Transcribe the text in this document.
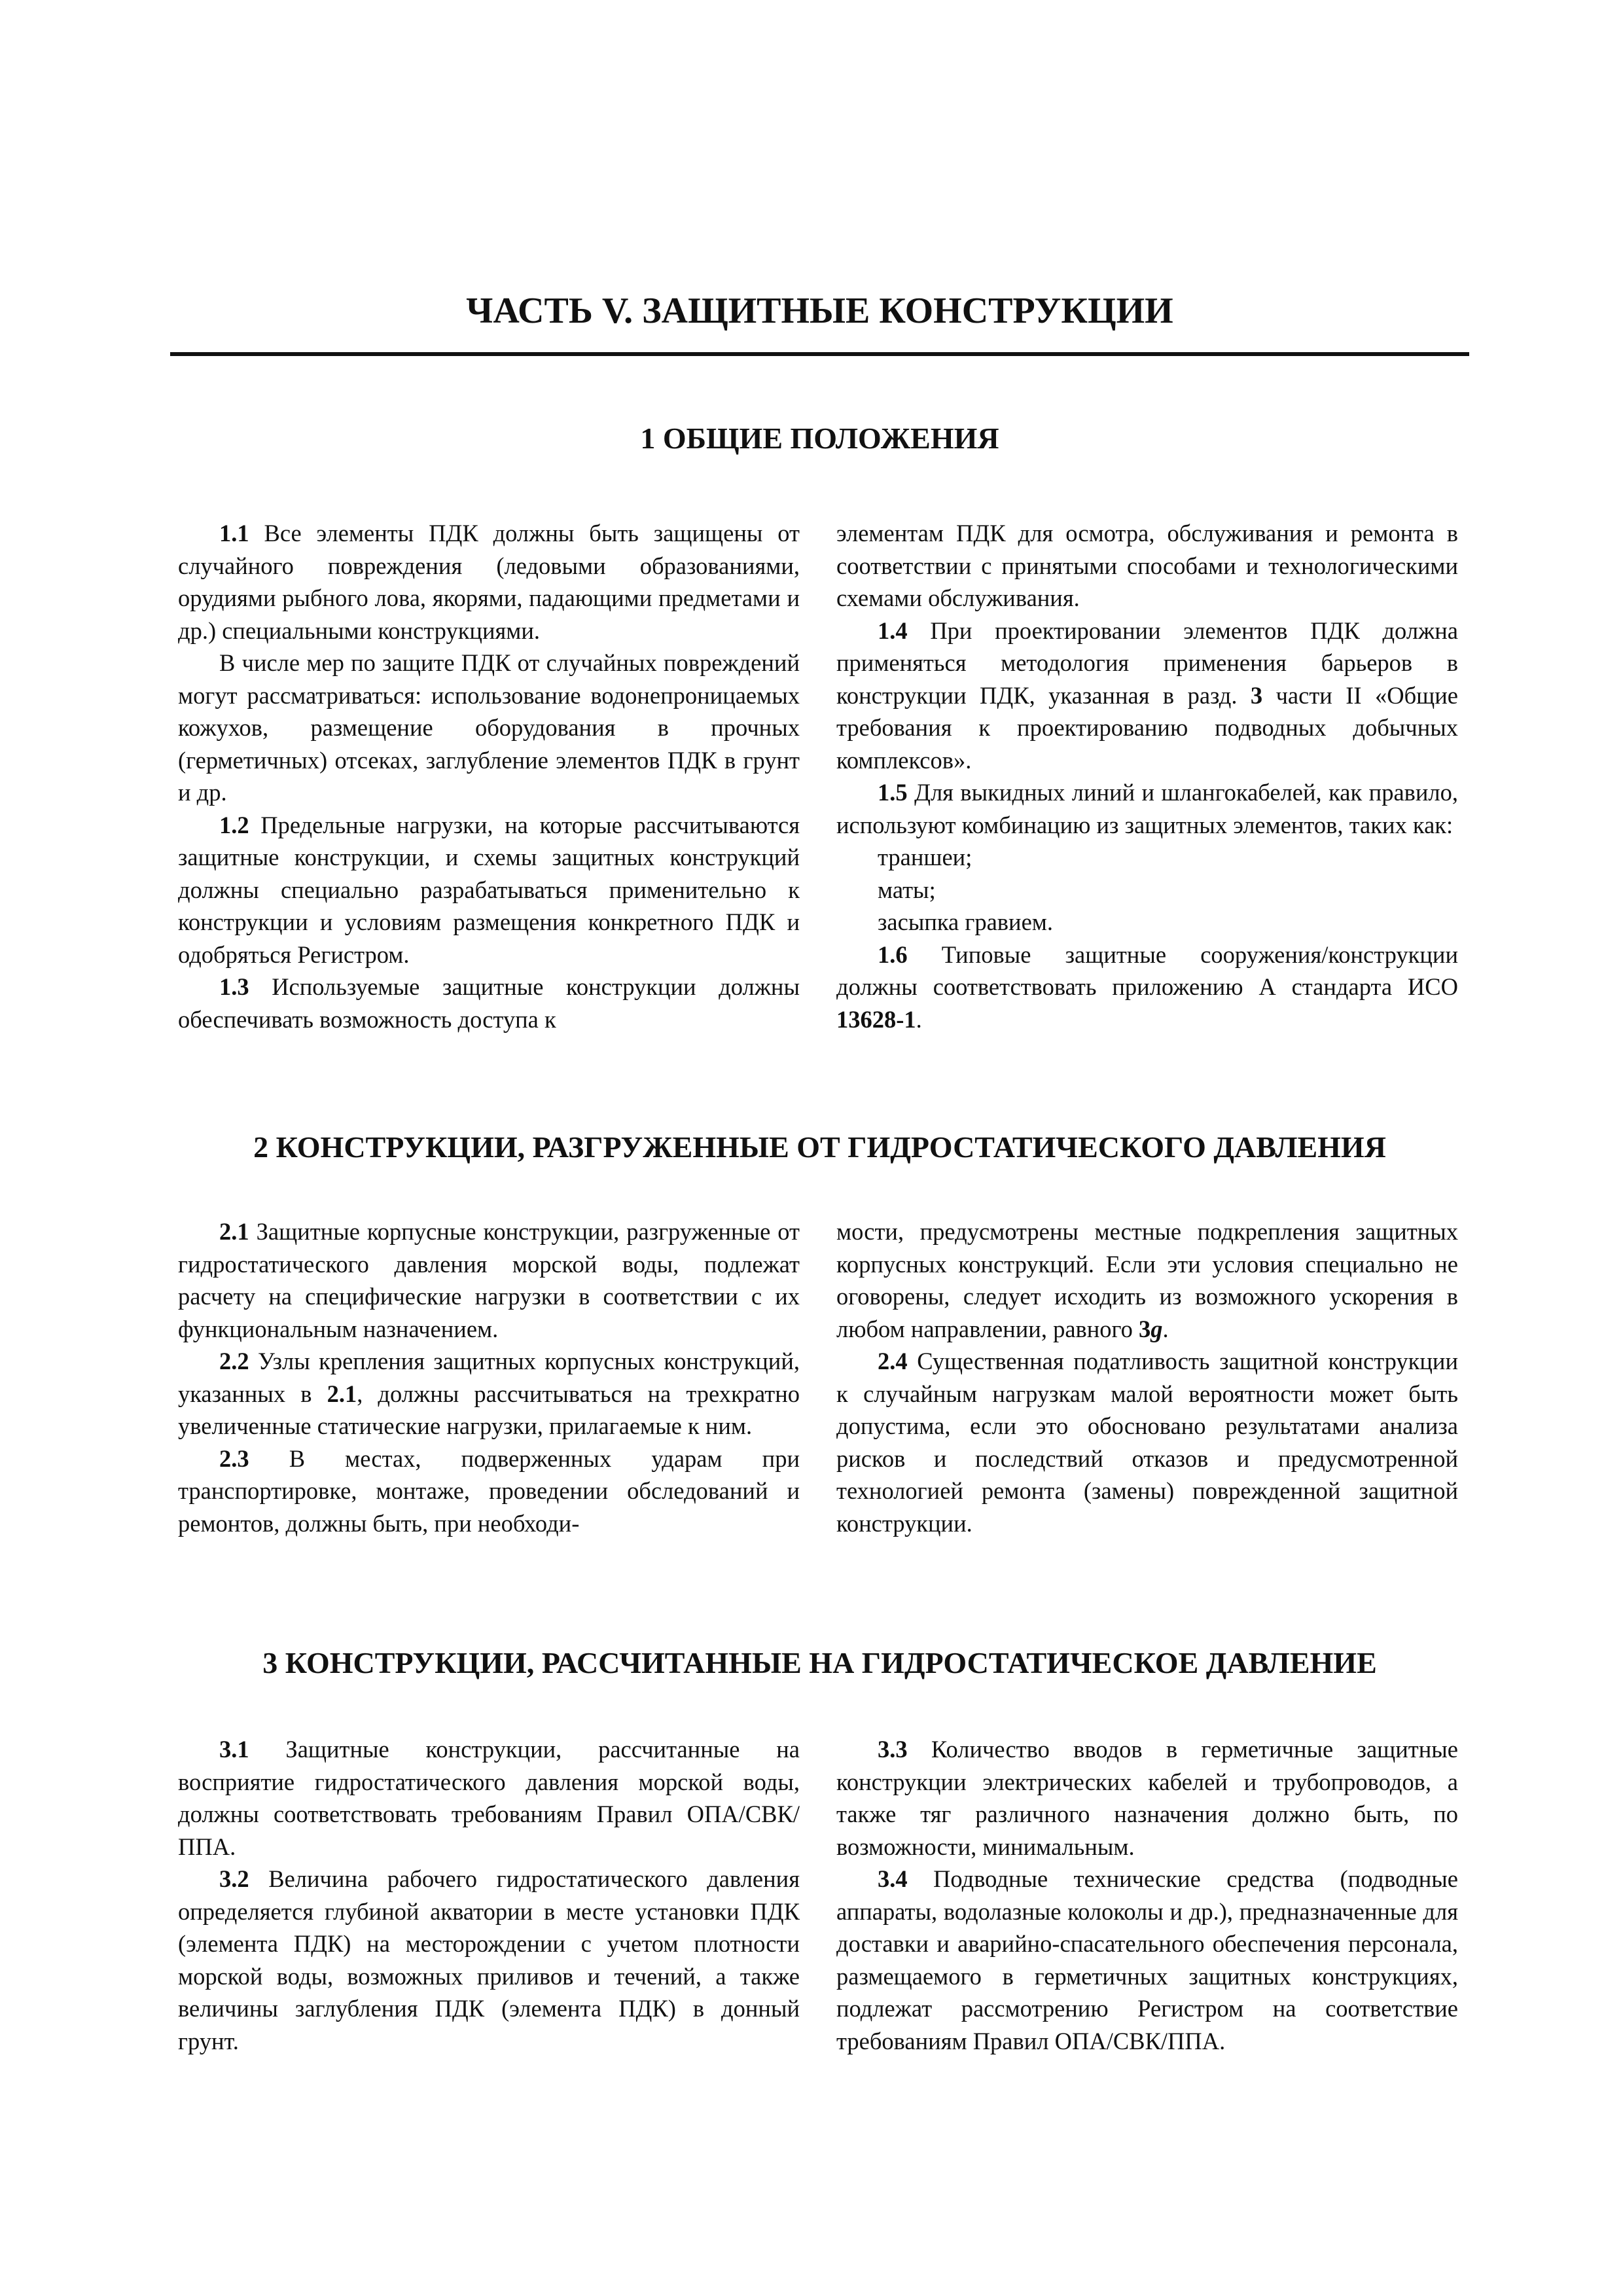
ЧАСТЬ V. ЗАЩИТНЫЕ КОНСТРУКЦИИ
1 ОБЩИЕ ПОЛОЖЕНИЯ

1.1 Все элементы ПДК должны быть защищены от случайного повреждения (ледовыми образованиями, орудиями рыбного лова, якорями, падающими предметами и др.) специальными конструкциями.

В числе мер по защите ПДК от случайных повреждений могут рассматриваться: использование водонепроницаемых кожухов, размещение оборудования в прочных (герметичных) отсеках, заглубление элементов ПДК в грунт и др.

1.2 Предельные нагрузки, на которые рассчитываются защитные конструкции, и схемы защитных конструкций должны специально разрабатываться применительно к конструкции и условиям размещения конкретного ПДК и одобряться Регистром.

1.3 Используемые защитные конструкции должны обеспечивать возможность доступа к

элементам ПДК для осмотра, обслуживания и ремонта в соответствии с принятыми способами и технологическими схемами обслуживания.

1.4 При проектировании элементов ПДК должна применяться методология применения барьеров в конструкции ПДК, указанная в разд. 3 части II «Общие требования к проектированию подводных добычных комплексов».

1.5 Для выкидных линий и шлангокабелей, как правило, используют комбинацию из защитных элементов, таких как:

траншеи;

маты;

засыпка гравием.

1.6 Типовые защитные сооружения/конструкции должны соответствовать приложению А стандарта ИСО 13628-1.

2 КОНСТРУКЦИИ, РАЗГРУЖЕННЫЕ ОТ ГИДРОСТАТИЧЕСКОГО ДАВЛЕНИЯ

2.1 Защитные корпусные конструкции, разгруженные от гидростатического давления морской воды, подлежат расчету на специфические нагрузки в соответствии с их функциональным назначением.

2.2 Узлы крепления защитных корпусных конструкций, указанных в 2.1, должны рассчитываться на трехкратно увеличенные статические нагрузки, прилагаемые к ним.

2.3 В местах, подверженных ударам при транспортировке, монтаже, проведении обследований и ремонтов, должны быть, при необходи-

мости, предусмотрены местные подкрепления защитных корпусных конструкций. Если эти условия специально не оговорены, следует исходить из возможного ускорения в любом направлении, равного 3g.

2.4 Существенная податливость защитной конструкции к случайным нагрузкам малой вероятности может быть допустима, если это обосновано результатами анализа рисков и последствий отказов и предусмотренной технологией ремонта (замены) поврежденной защитной конструкции.

3 КОНСТРУКЦИИ, РАССЧИТАННЫЕ НА ГИДРОСТАТИЧЕСКОЕ ДАВЛЕНИЕ

3.1 Защитные конструкции, рассчитанные на восприятие гидростатического давления морской воды, должны соответствовать требованиям Правил ОПА/СВК/ППА.

3.2 Величина рабочего гидростатического давления определяется глубиной акватории в месте установки ПДК (элемента ПДК) на месторождении с учетом плотности морской воды, возможных приливов и течений, а также величины заглубления ПДК (элемента ПДК) в донный грунт.

3.3 Количество вводов в герметичные защитные конструкции электрических кабелей и трубопроводов, а также тяг различного назначения должно быть, по возможности, минимальным.

3.4 Подводные технические средства (подводные аппараты, водолазные колоколы и др.), предназначенные для доставки и аварийно-спасательного обеспечения персонала, размещаемого в герметичных защитных конструкциях, подлежат рассмотрению Регистром на соответствие требованиям Правил ОПА/СВК/ППА.
